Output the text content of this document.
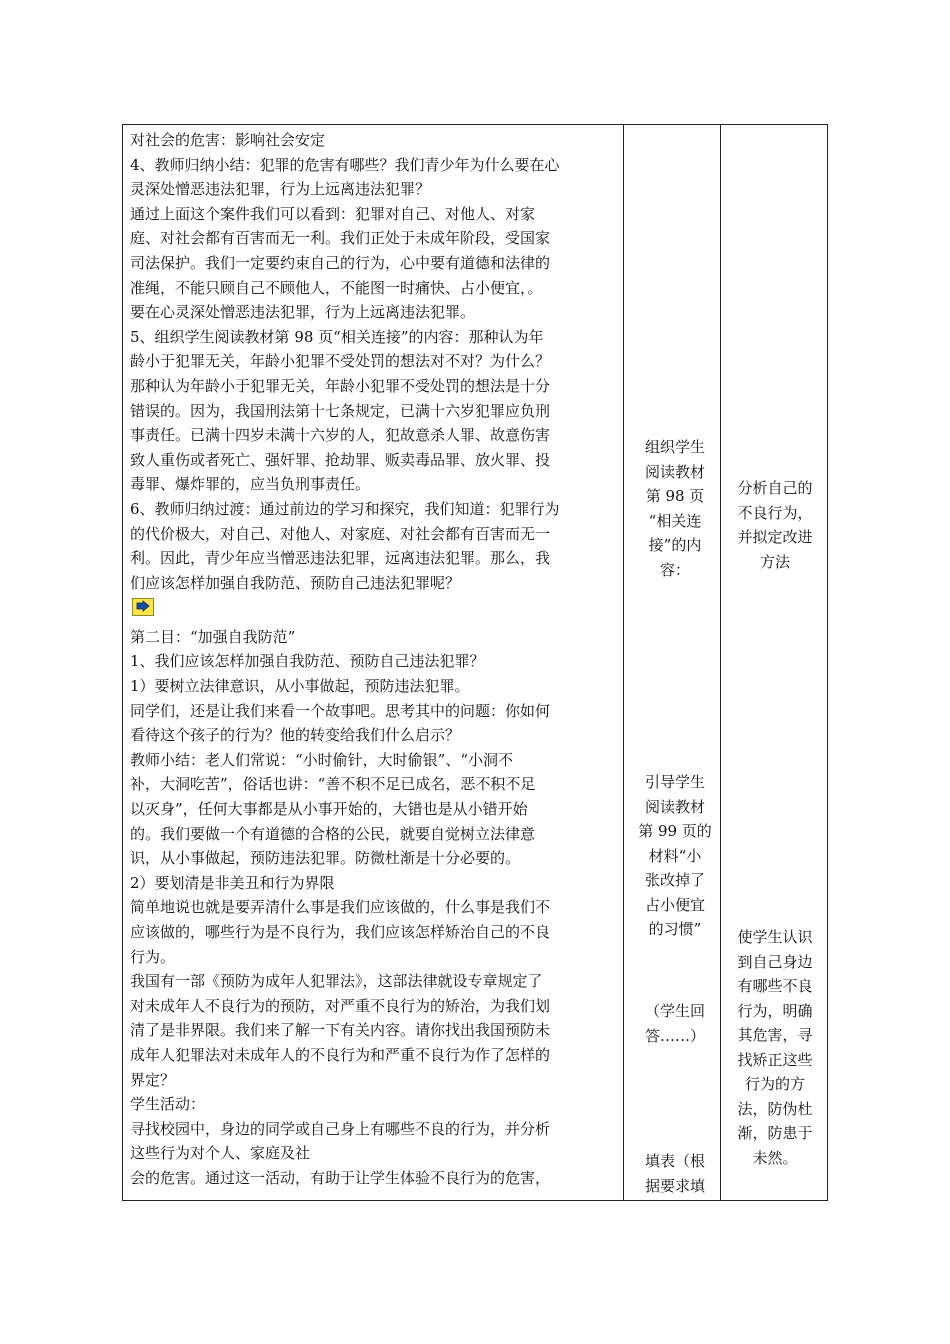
对社会的危害：影响社会安定

4、教师归纳小结：犯罪的危害有哪些？我们青少年为什么要在心

灵深处憎恶违法犯罪，行为上远离违法犯罪？

通过上面这个案件我们可以看到：犯罪对自己、对他人、对家

庭、对社会都有百害而无一利。我们正处于未成年阶段，受国家

司法保护。我们一定要约束自己的行为，心中要有道德和法律的

准绳，不能只顾自己不顾他人，不能图一时痛快、占小便宜，。

要在心灵深处憎恶违法犯罪，行为上远离违法犯罪。

5、组织学生阅读教材第 98 页“相关连接”的内容：那种认为年

龄小于犯罪无关，年龄小犯罪不受处罚的想法对不对？为什么？

那种认为年龄小于犯罪无关，年龄小犯罪不受处罚的想法是十分

错误的。因为，我国刑法第十七条规定，已满十六岁犯罪应负刑

事责任。已满十四岁未满十六岁的人，犯故意杀人罪、故意伤害

致人重伤或者死亡、强奸罪、抢劫罪、贩卖毒品罪、放火罪、投

毒罪、爆炸罪的，应当负刑事责任。

6、教师归纳过渡：通过前边的学习和探究，我们知道：犯罪行为

的代价极大，对自己、对他人、对家庭、对社会都有百害而无一

利。因此，青少年应当憎恶违法犯罪，远离违法犯罪。那么，我

们应该怎样加强自我防范、预防自己违法犯罪呢？

第二目：“加强自我防范”

1、我们应该怎样加强自我防范、预防自己违法犯罪？

1）要树立法律意识，从小事做起，预防违法犯罪。

同学们，还是让我们来看一个故事吧。思考其中的问题：你如何

看待这个孩子的行为？他的转变给我们什么启示？

教师小结：老人们常说：“小时偷针，大时偷银”、“小洞不

补，大洞吃苦”，俗话也讲：“善不积不足已成名，恶不积不足

以灭身”，任何大事都是从小事开始的，大错也是从小错开始

的。我们要做一个有道德的合格的公民，就要自觉树立法律意

识，从小事做起，预防违法犯罪。防微杜渐是十分必要的。

2）要划清是非美丑和行为界限

简单地说也就是要弄清什么事是我们应该做的，什么事是我们不

应该做的，哪些行为是不良行为，我们应该怎样矫治自己的不良

行为。

我国有一部《预防为成年人犯罪法》，这部法律就设专章规定了

对未成年人不良行为的预防，对严重不良行为的矫治，为我们划

清了是非界限。我们来了解一下有关内容。请你找出我国预防未

成年人犯罪法对未成年人的不良行为和严重不良行为作了怎样的

界定？

学生活动：

寻找校园中，身边的同学或自己身上有哪些不良的行为，并分析

这些行为对个人、家庭及社

会的危害。通过这一活动，有助于让学生体验不良行为的危害，

组织学生
阅读教材
第 98 页
“相关连
接”的内
容：
引导学生
阅读教材
第 99 页的
材料“小
张改掉了
占小便宜
的习惯”
（学生回
答……）
填表（根
据要求填
分析自己的
不良行为，
并拟定改进
方法
使学生认识
到自己身边
有哪些不良
行为，明确
其危害，寻
找矫正这些
行为的方
法，防伪杜
渐，防患于
未然。
